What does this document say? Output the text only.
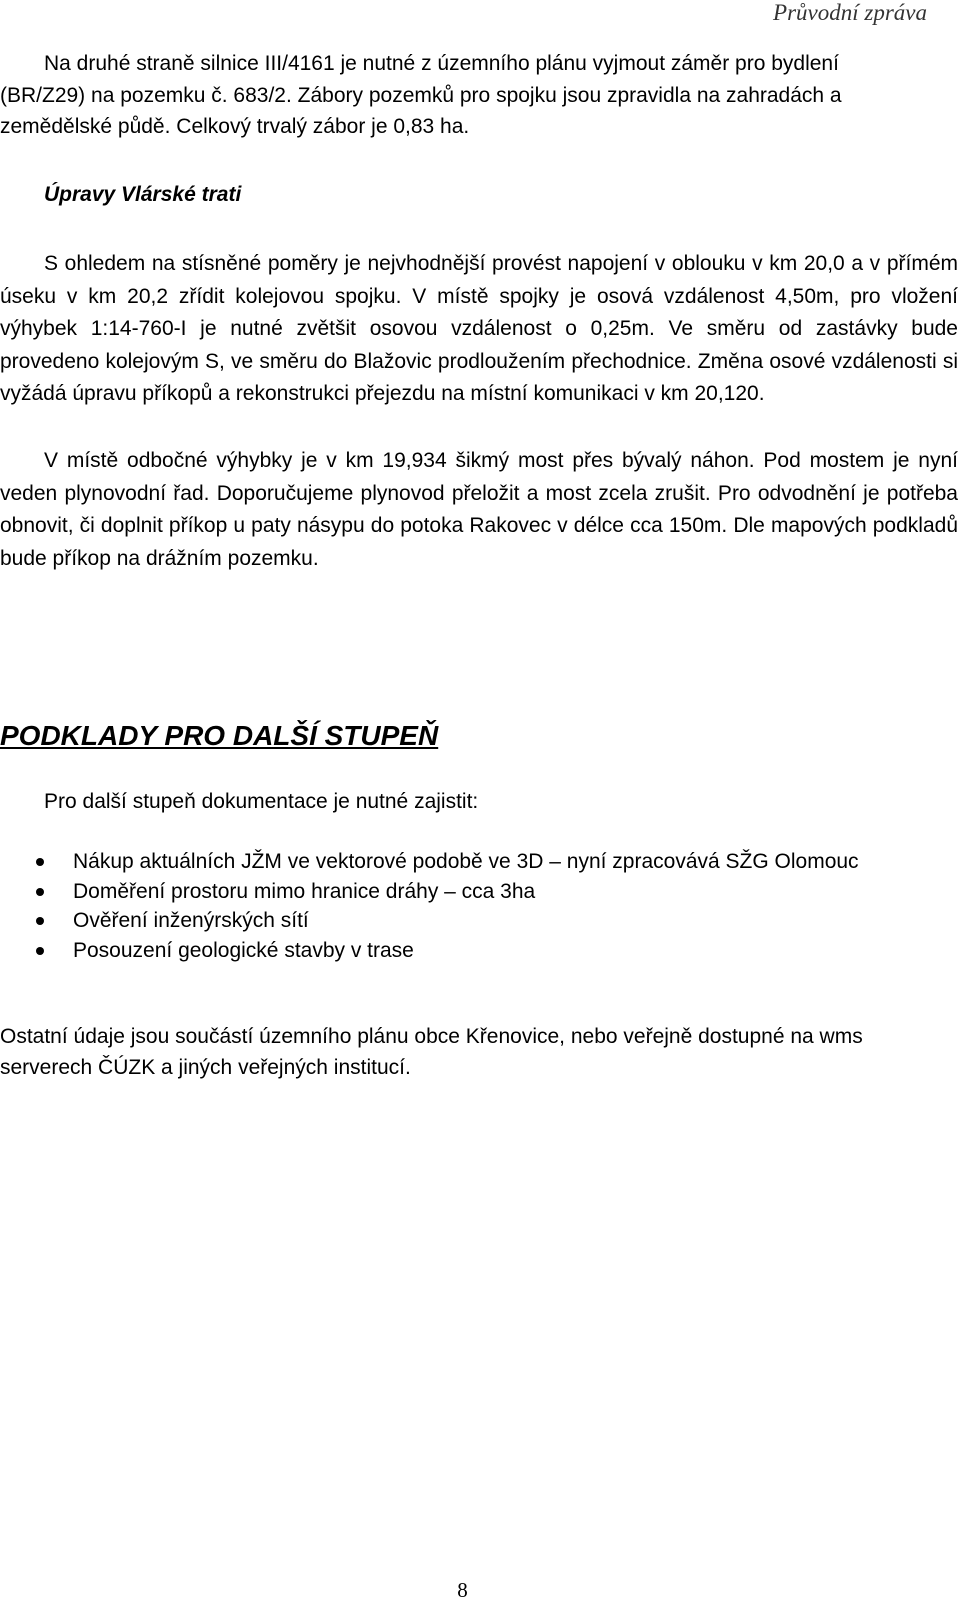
Průvodní zpráva

Na druhé straně silnice III/4161 je nutné z územního plánu vyjmout záměr pro bydlení
(BR/Z29) na pozemku č. 683/2. Zábory pozemků pro spojku jsou zpravidla na zahradách a zemědělské půdě. Celkový trvalý zábor je 0,83 ha.

Úpravy Vlárské trati

S ohledem na stísněné poměry je nejvhodnější provést napojení v oblouku v km 20,0 a v přímém úseku v km 20,2 zřídit kolejovou spojku. V místě spojky je osová vzdálenost 4,50m, pro vložení výhybek 1:14-760-I je nutné zvětšit osovou vzdálenost o 0,25m. Ve směru od zastávky bude provedeno kolejovým S, ve směru do Blažovic prodloužením přechodnice. Změna osové vzdálenosti si vyžádá úpravu příkopů a rekonstrukci přejezdu na místní komunikaci v km 20,120.

V místě odbočné výhybky je v km 19,934 šikmý most přes bývalý náhon. Pod mostem je nyní veden plynovodní řad. Doporučujeme plynovod přeložit a most zcela zrušit. Pro odvodnění je potřeba obnovit, či doplnit příkop u paty násypu do potoka Rakovec v délce cca 150m. Dle mapových podkladů bude příkop na drážním pozemku.

PODKLADY PRO DALŠÍ STUPEŇ

Pro další stupeň dokumentace je nutné zajistit:

Nákup aktuálních JŽM ve vektorové podobě ve 3D – nyní zpracovává SŽG Olomouc
Doměření prostoru mimo hranice dráhy – cca 3ha
Ověření inženýrských sítí
Posouzení geologické stavby v trase

Ostatní údaje jsou součástí územního plánu obce Křenovice, nebo veřejně dostupné na wms serverech ČÚZK a jiných veřejných institucí.

8
